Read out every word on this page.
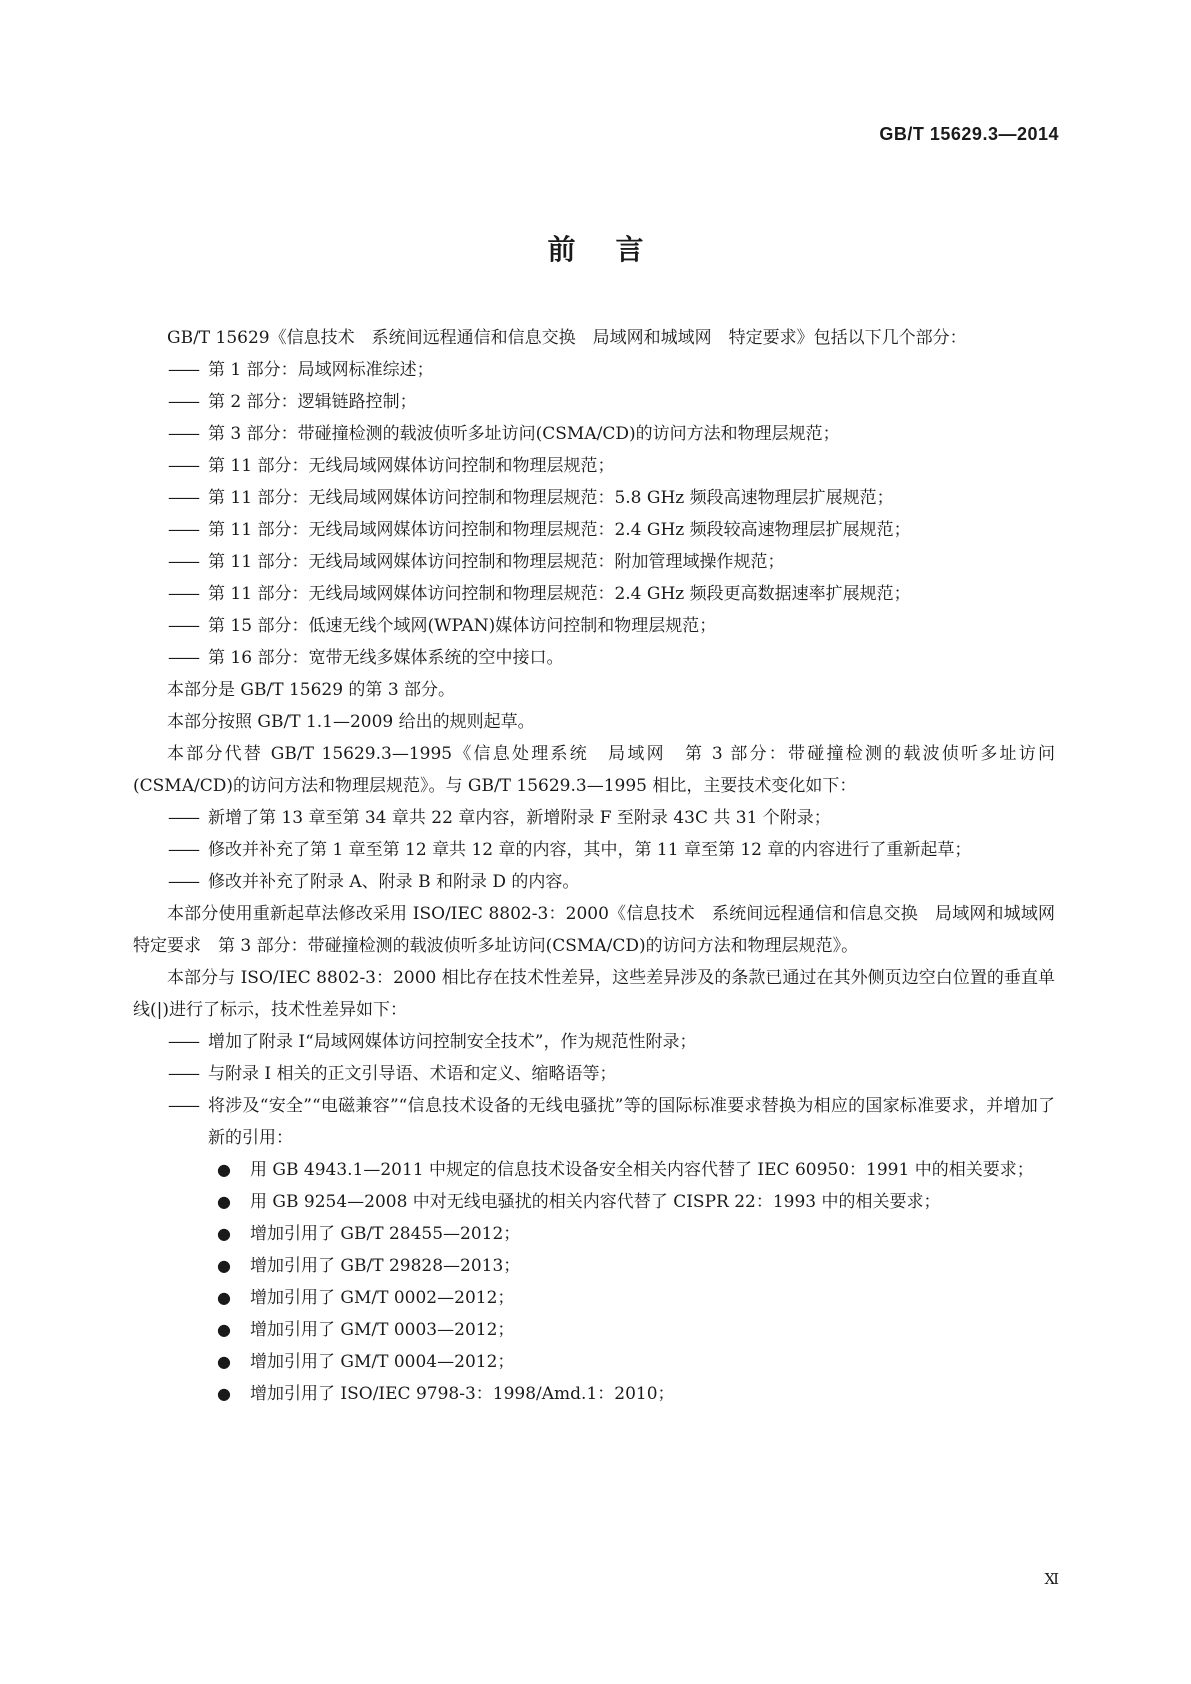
GB/T 15629.3—2014
前言

GB/T 15629《信息技术　系统间远程通信和信息交换　局域网和城域网　特定要求》包括以下几个部分：

—— 第 1 部分：局域网标准综述；

—— 第 2 部分：逻辑链路控制；

—— 第 3 部分：带碰撞检测的载波侦听多址访问(CSMA/CD)的访问方法和物理层规范；

—— 第 11 部分：无线局域网媒体访问控制和物理层规范；

—— 第 11 部分：无线局域网媒体访问控制和物理层规范：5.8 GHz 频段高速物理层扩展规范；

—— 第 11 部分：无线局域网媒体访问控制和物理层规范：2.4 GHz 频段较高速物理层扩展规范；

—— 第 11 部分：无线局域网媒体访问控制和物理层规范：附加管理域操作规范；

—— 第 11 部分：无线局域网媒体访问控制和物理层规范：2.4 GHz 频段更高数据速率扩展规范；

—— 第 15 部分：低速无线个域网(WPAN)媒体访问控制和物理层规范；

—— 第 16 部分：宽带无线多媒体系统的空中接口。

本部分是 GB/T 15629 的第 3 部分。

本部分按照 GB/T 1.1—2009 给出的规则起草。

本部分代替 GB/T 15629.3—1995《信息处理系统　局域网　第 3 部分：带碰撞检测的载波侦听多址访问(CSMA/CD)的访问方法和物理层规范》。与 GB/T 15629.3—1995 相比，主要技术变化如下：

—— 新增了第 13 章至第 34 章共 22 章内容，新增附录 F 至附录 43C 共 31 个附录；

—— 修改并补充了第 1 章至第 12 章共 12 章的内容，其中，第 11 章至第 12 章的内容进行了重新起草；

—— 修改并补充了附录 A、附录 B 和附录 D 的内容。

本部分使用重新起草法修改采用 ISO/IEC 8802-3：2000《信息技术　系统间远程通信和信息交换　局域网和城域网　特定要求　第 3 部分：带碰撞检测的载波侦听多址访问(CSMA/CD)的访问方法和物理层规范》。

本部分与 ISO/IEC 8802-3：2000 相比存在技术性差异，这些差异涉及的条款已通过在其外侧页边空白位置的垂直单线(|)进行了标示，技术性差异如下：

—— 增加了附录 I“局域网媒体访问控制安全技术”，作为规范性附录；

—— 与附录 I 相关的正文引导语、术语和定义、缩略语等；

—— 将涉及“安全”“电磁兼容”“信息技术设备的无线电骚扰”等的国际标准要求替换为相应的国家标准要求，并增加了新的引用：

●	用 GB 4943.1—2011 中规定的信息技术设备安全相关内容代替了 IEC 60950：1991 中的相关要求；

●	用 GB 9254—2008 中对无线电骚扰的相关内容代替了 CISPR 22：1993 中的相关要求；

●	增加引用了 GB/T 28455—2012；

●	增加引用了 GB/T 29828—2013；

●	增加引用了 GM/T 0002—2012；

●	增加引用了 GM/T 0003—2012；

●	增加引用了 GM/T 0004—2012；

●	增加引用了 ISO/IEC 9798-3：1998/Amd.1：2010；

Ⅺ
